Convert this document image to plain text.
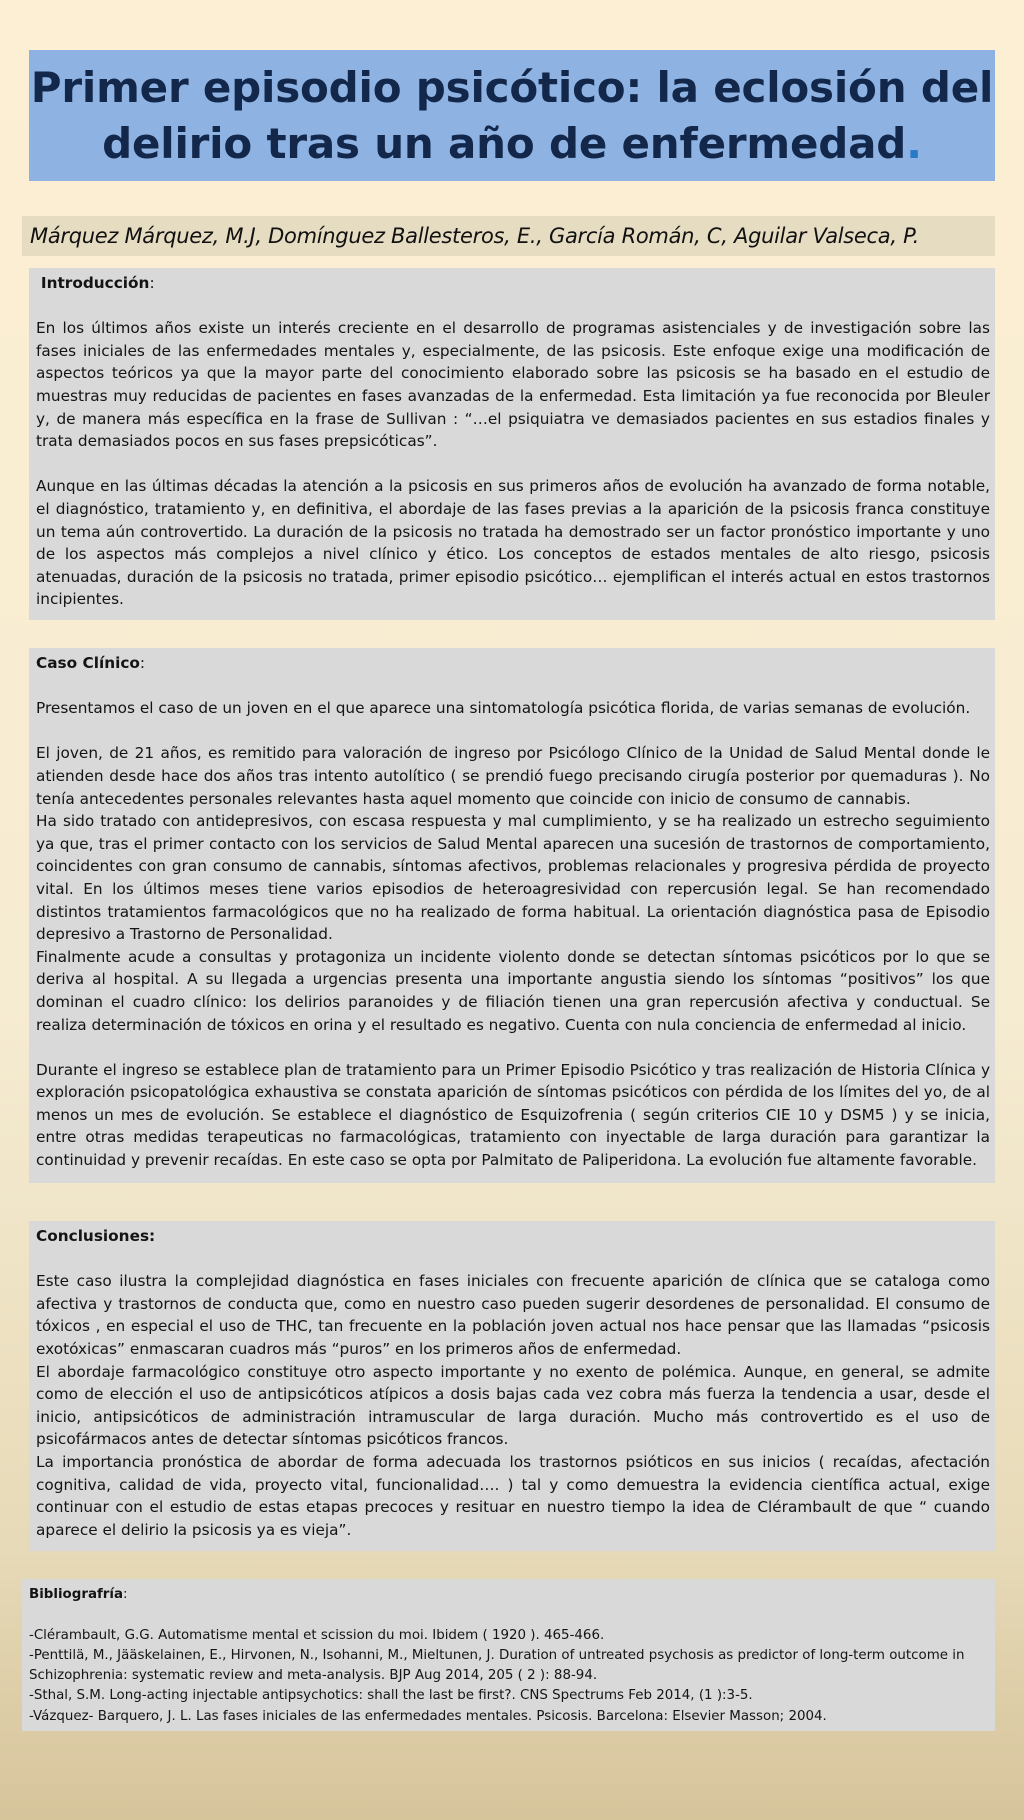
Primer episodio psicótico: la eclosión del
delirio tras un año de enfermedad.
Márquez Márquez, M.J, Domínguez Ballesteros, E., García Román, C, Aguilar Valseca, P.

Introducción:

En los últimos años existe un interés creciente en el desarrollo de programas asistenciales y de investigación sobre las fases iniciales de las enfermedades mentales y, especialmente, de las psicosis. Este enfoque exige una modificación de aspectos teóricos ya que la mayor parte del conocimiento elaborado sobre las psicosis se ha basado en el estudio de muestras muy reducidas de pacientes en fases avanzadas de la enfermedad. Esta limitación ya fue reconocida por Bleuler y, de manera más específica en la frase de Sullivan : “…el psiquiatra ve demasiados pacientes en sus estadios finales y trata demasiados pocos en sus fases prepsicóticas”.

Aunque en las últimas décadas la atención a la psicosis en sus primeros años de evolución ha avanzado de forma notable, el diagnóstico, tratamiento y, en definitiva, el abordaje de las fases previas a la aparición de la psicosis franca constituye un tema aún controvertido. La duración de la psicosis no tratada ha demostrado ser un factor pronóstico importante y uno de los aspectos más complejos a nivel clínico y ético. Los conceptos de estados mentales de alto riesgo, psicosis atenuadas, duración de la psicosis no tratada, primer episodio psicótico… ejemplifican el interés actual en estos trastornos incipientes.

Caso Clínico:

Presentamos el caso de un joven en el que aparece una sintomatología psicótica florida, de varias semanas de evolución.

El joven, de 21 años, es remitido para valoración de ingreso por Psicólogo Clínico de la Unidad de Salud Mental donde le atienden desde hace dos años tras intento autolítico ( se prendió fuego precisando cirugía posterior por quemaduras ). No tenía antecedentes personales relevantes hasta aquel momento que coincide con inicio de consumo de cannabis.

Ha sido tratado con antidepresivos, con escasa respuesta y mal cumplimiento, y se ha realizado un estrecho seguimiento ya que, tras el primer contacto con los servicios de Salud Mental aparecen una sucesión de trastornos de comportamiento, coincidentes con gran consumo de cannabis, síntomas afectivos, problemas relacionales y progresiva pérdida de proyecto vital. En los últimos meses tiene varios episodios de heteroagresividad con repercusión legal. Se han recomendado distintos tratamientos farmacológicos que no ha realizado de forma habitual. La orientación diagnóstica pasa de Episodio depresivo a Trastorno de Personalidad.

Finalmente acude a consultas y protagoniza un incidente violento donde se detectan síntomas psicóticos por lo que se deriva al hospital. A su llegada a urgencias presenta una importante angustia siendo los síntomas “positivos” los que dominan el cuadro clínico: los delirios paranoides y de filiación tienen una gran repercusión afectiva y conductual. Se realiza determinación de tóxicos en orina y el resultado es negativo. Cuenta con nula conciencia de enfermedad al inicio.

Durante el ingreso se establece plan de tratamiento para un Primer Episodio Psicótico y tras realización de Historia Clínica y exploración psicopatológica exhaustiva se constata aparición de síntomas psicóticos con pérdida de los límites del yo, de al menos un mes de evolución. Se establece el diagnóstico de Esquizofrenia ( según criterios CIE 10 y DSM5 ) y se inicia, entre otras medidas terapeuticas no farmacológicas, tratamiento con inyectable de larga duración para garantizar la continuidad y prevenir recaídas. En este caso se opta por Palmitato de Paliperidona. La evolución fue altamente favorable.

Conclusiones:

Este caso ilustra la complejidad diagnóstica en fases iniciales con frecuente aparición de clínica que se cataloga como afectiva y trastornos de conducta que, como en nuestro caso pueden sugerir desordenes de personalidad. El consumo de tóxicos , en especial el uso de THC, tan frecuente en la población joven actual nos hace pensar que las llamadas “psicosis exotóxicas” enmascaran cuadros más “puros” en los primeros años de enfermedad.

El abordaje farmacológico constituye otro aspecto importante y no exento de polémica. Aunque, en general, se admite como de elección el uso de antipsicóticos atípicos a dosis bajas cada vez cobra más fuerza la tendencia a usar, desde el inicio, antipsicóticos de administración intramuscular de larga duración. Mucho más controvertido es el uso de psicofármacos antes de detectar síntomas psicóticos francos.

La importancia pronóstica de abordar de forma adecuada los trastornos psióticos en sus inicios ( recaídas, afectación cognitiva, calidad de vida, proyecto vital, funcionalidad…. ) tal y como demuestra la evidencia científica actual, exige continuar con el estudio de estas etapas precoces y resituar en nuestro tiempo la idea de Clérambault de que “ cuando aparece el delirio la psicosis ya es vieja”.

Bibliografría:

-Clérambault, G.G. Automatisme mental et scission du moi. Ibidem ( 1920 ). 465-466.

-Penttilä, M., Jääskelainen, E., Hirvonen, N., Isohanni, M., Mieltunen, J. Duration of untreated psychosis as predictor of long-term outcome in Schizophrenia: systematic review and meta-analysis. BJP Aug 2014, 205 ( 2 ): 88-94.

-Sthal, S.M. Long-acting injectable antipsychotics: shall the last be first?. CNS Spectrums Feb 2014, (1 ):3-5.

-Vázquez- Barquero, J. L. Las fases iniciales de las enfermedades mentales. Psicosis. Barcelona: Elsevier Masson; 2004.
